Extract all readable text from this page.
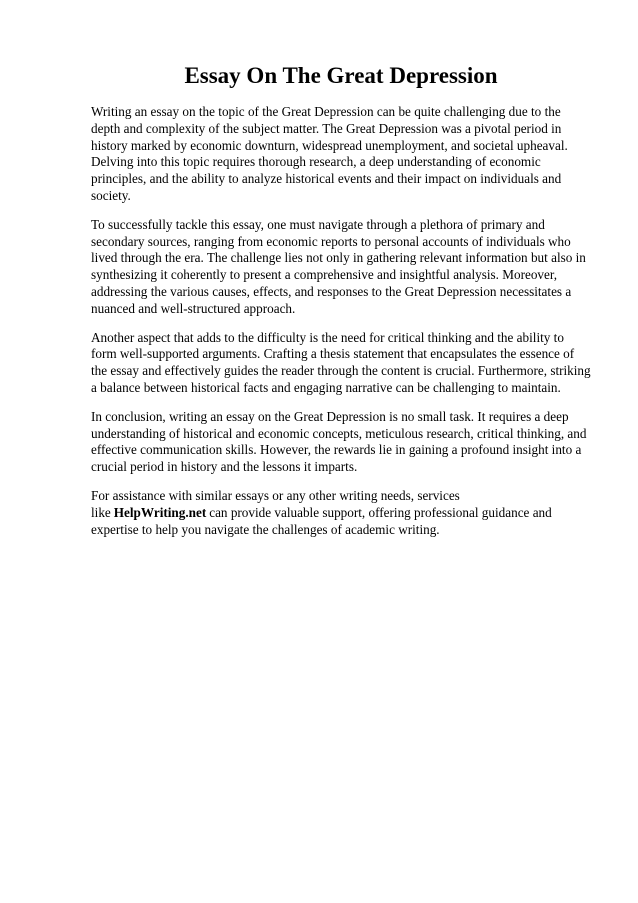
Essay On The Great Depression

Writing an essay on the topic of the Great Depression can be quite challenging due to the depth and complexity of the subject matter. The Great Depression was a pivotal period in history marked by economic downturn, widespread unemployment, and societal upheaval. Delving into this topic requires thorough research, a deep understanding of economic principles, and the ability to analyze historical events and their impact on individuals and society.

To successfully tackle this essay, one must navigate through a plethora of primary and secondary sources, ranging from economic reports to personal accounts of individuals who lived through the era. The challenge lies not only in gathering relevant information but also in synthesizing it coherently to present a comprehensive and insightful analysis. Moreover, addressing the various causes, effects, and responses to the Great Depression necessitates a nuanced and well-structured approach.

Another aspect that adds to the difficulty is the need for critical thinking and the ability to form well-supported arguments. Crafting a thesis statement that encapsulates the essence of the essay and effectively guides the reader through the content is crucial. Furthermore, striking a balance between historical facts and engaging narrative can be challenging to maintain.

In conclusion, writing an essay on the Great Depression is no small task. It requires a deep understanding of historical and economic concepts, meticulous research, critical thinking, and effective communication skills. However, the rewards lie in gaining a profound insight into a crucial period in history and the lessons it imparts.

For assistance with similar essays or any other writing needs, services like HelpWriting.net can provide valuable support, offering professional guidance and expertise to help you navigate the challenges of academic writing.
